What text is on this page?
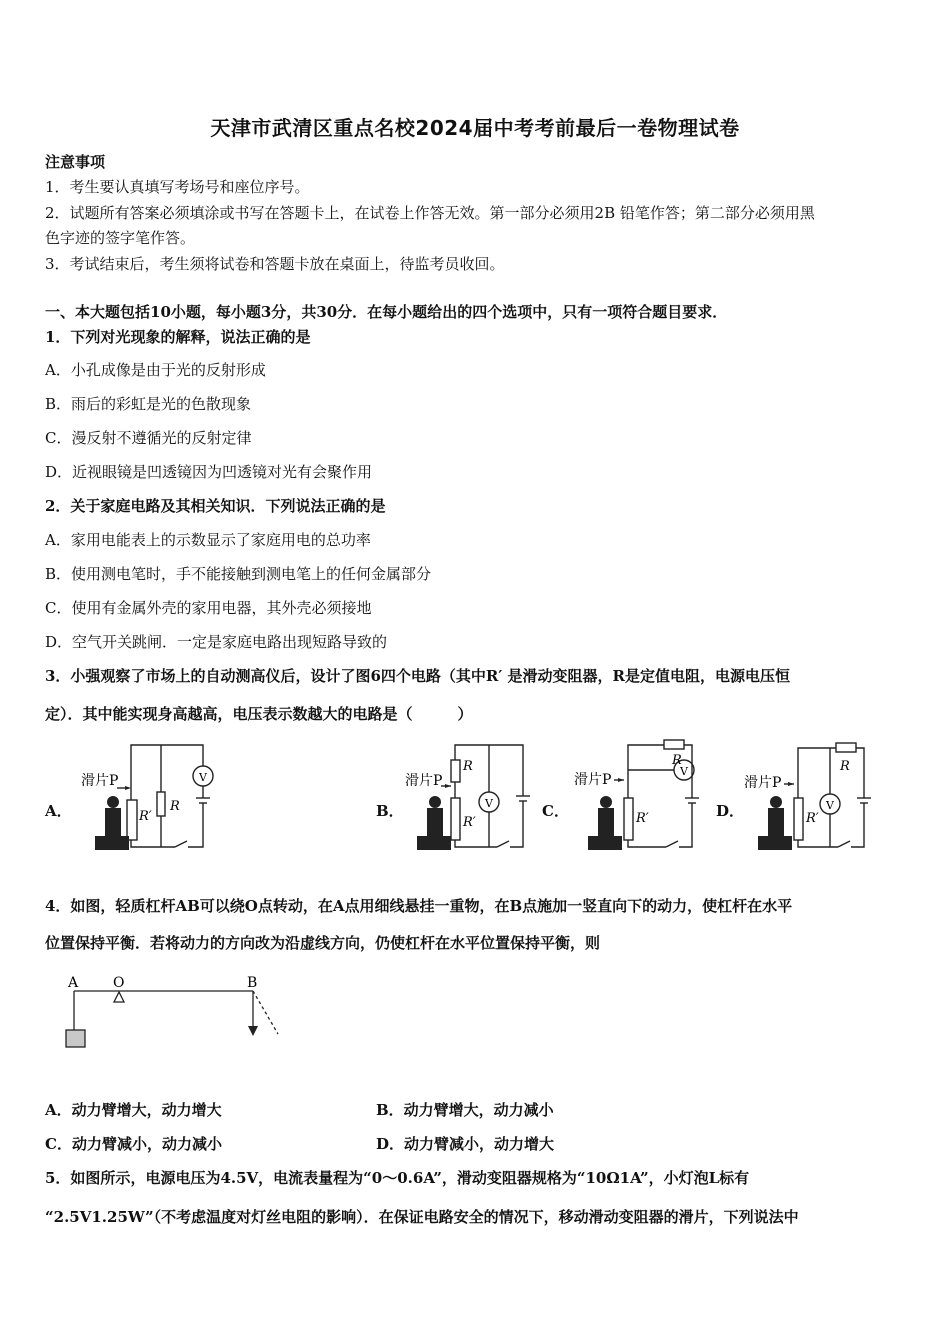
天津市武清区重点名校2024届中考考前最后一卷物理试卷
注意事项
1．考生要认真填写考场号和座位序号。
2．试题所有答案必须填涂或书写在答题卡上，在试卷上作答无效。第一部分必须用2B 铅笔作答；第二部分必须用黑
色字迹的签字笔作答。
3．考试结束后，考生须将试卷和答题卡放在桌面上，待监考员收回。
一、本大题包括10小题，每小题3分，共30分．在每小题给出的四个选项中，只有一项符合题目要求．
1．下列对光现象的解释，说法正确的是
A．小孔成像是由于光的反射形成
B．雨后的彩虹是光的色散现象
C．漫反射不遵循光的反射定律
D．近视眼镜是凹透镜因为凹透镜对光有会聚作用
2．关于家庭电路及其相关知识．下列说法正确的是
A．家用电能表上的示数显示了家庭用电的总功率
B．使用测电笔时，手不能接触到测电笔上的任何金属部分
C．使用有金属外壳的家用电器，其外壳必须接地
D．空气开关跳闸．一定是家庭电路出现短路导致的
3．小强观察了市场上的自动测高仪后，设计了图6四个电路（其中R′ 是滑动变阻器，R是定值电阻，电源电压恒
定）．其中能实现身高越高，电压表示数越大的电路是（　　　）
A．	B．	C．	D．
滑片P	V
R
R′
滑片P
R
V
R′
滑片P
R
V
R′
滑片P
R
V
R′
4．如图，轻质杠杆AB可以绕O点转动，在A点用细线悬挂一重物，在B点施加一竖直向下的动力，使杠杆在水平
位置保持平衡．若将动力的方向改为沿虚线方向，仍使杠杆在水平位置保持平衡，则
A O	B
A．动力臂增大，动力增大	B．动力臂增大，动力减小
C．动力臂减小，动力减小	D．动力臂减小，动力增大
5．如图所示，电源电压为4.5V，电流表量程为“0～0.6A”，滑动变阻器规格为“10Ω1A”，小灯泡L标有
“2.5V1.25W”（不考虑温度对灯丝电阻的影响）．在保证电路安全的情况下，移动滑动变阻器的滑片，下列说法中
